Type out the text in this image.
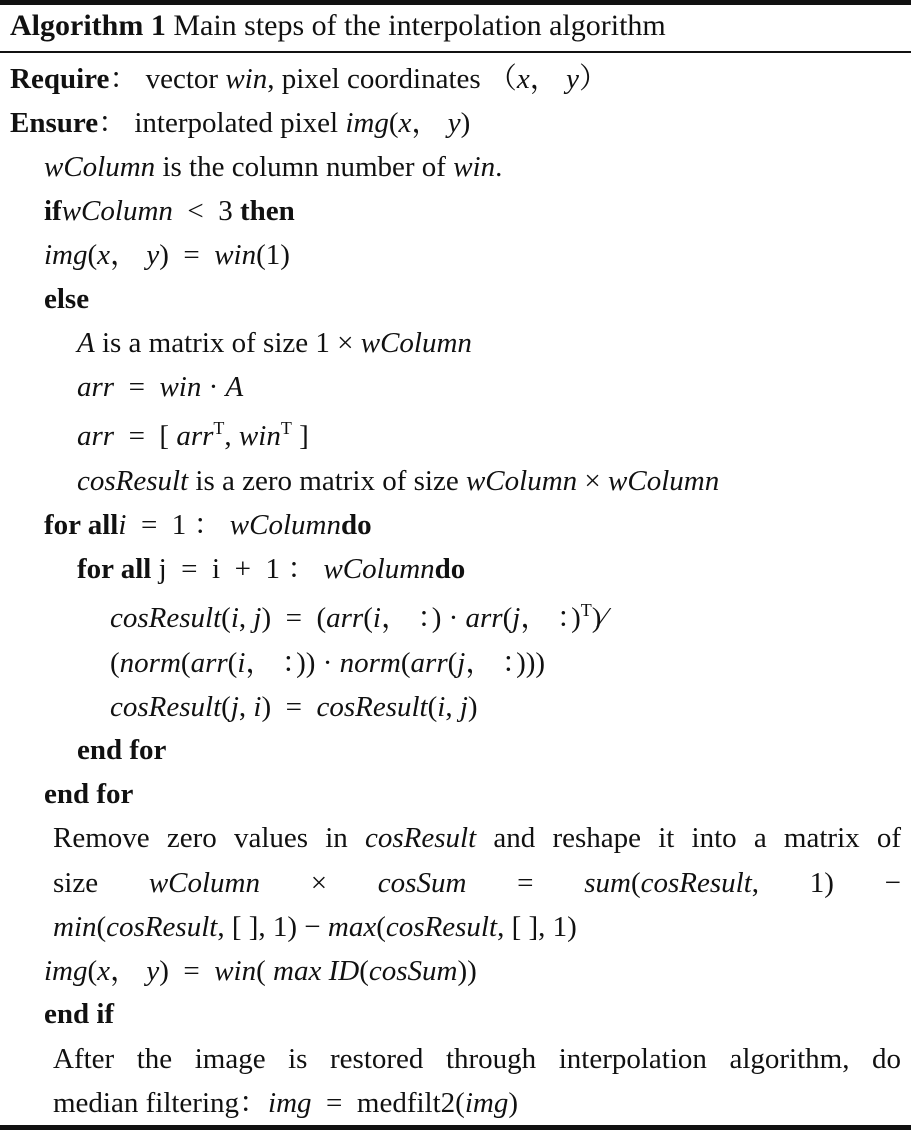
Algorithm 1 Main steps of the interpolation algorithm
Require： vector win, pixel coordinates （x， y）
Ensure： interpolated pixel img(x， y)
wColumn is the column number of win.
ifwColumn  <  3 then
img(x， y)  =  win(1)
else
A is a matrix of size 1 × wColumn
arr  =  win · A
arr  =  [ arr$^T$, win$^T$ ]
cosResult is a zero matrix of size wColumn × wColumn
for alli  =  1 ： wColumndo
for all j  =  i  +  1 ： wColumndo
cosResult(i, j)  =  (arr(i， ：) · arr(j， ：)$^T$)∕
(norm(arr(i， ：)) · norm(arr(j， ：)))
cosResult(j, i)  =  cosResult(i, j)
end for
end for
Remove zero values in cosResult and reshape it into a matrix of
size wColumn × cosSum = sum(cosResult, 1) −
min(cosResult, [ ], 1) − max(cosResult, [ ], 1)
img(x， y)  =  win( max ID(cosSum))
end if
After the image is restored through interpolation algorithm, do
median filtering：img  =  medfilt2(img)
